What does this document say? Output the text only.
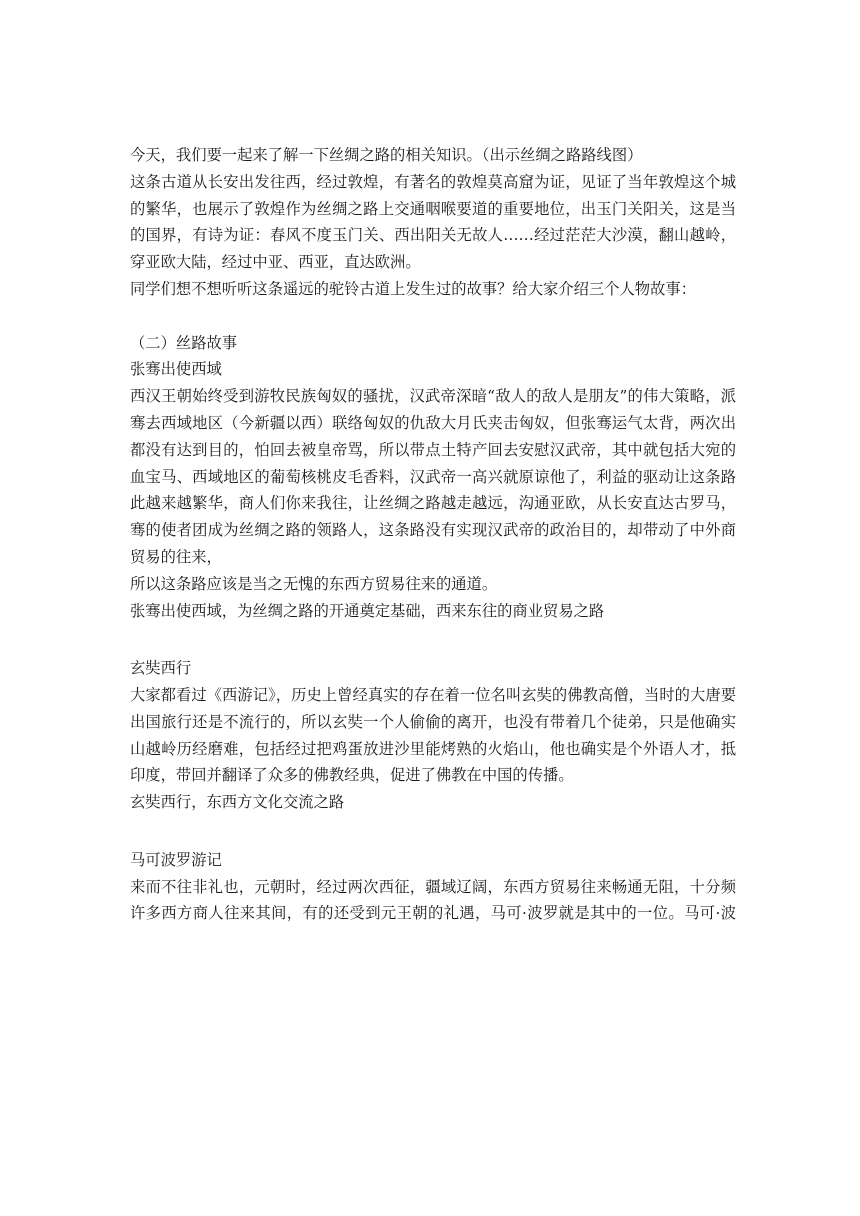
今天，我们要一起来了解一下丝绸之路的相关知识。（出示丝绸之路路线图）

这条古道从长安出发往西，经过敦煌，有著名的敦煌莫高窟为证，见证了当年敦煌这个城

的繁华，也展示了敦煌作为丝绸之路上交通咽喉要道的重要地位，出玉门关阳关，这是当

的国界，有诗为证：春风不度玉门关、西出阳关无故人……经过茫茫大沙漠，翻山越岭，

穿亚欧大陆，经过中亚、西亚，直达欧洲。

同学们想不想听听这条遥远的驼铃古道上发生过的故事？给大家介绍三个人物故事：

（二）丝路故事

张骞出使西域

西汉王朝始终受到游牧民族匈奴的骚扰，汉武帝深暗“敌人的敌人是朋友”的伟大策略，派

骞去西域地区（今新疆以西）联络匈奴的仇敌大月氏夹击匈奴，但张骞运气太背，两次出

都没有达到目的，怕回去被皇帝骂，所以带点土特产回去安慰汉武帝，其中就包括大宛的

血宝马、西域地区的葡萄核桃皮毛香料，汉武帝一高兴就原谅他了，利益的驱动让这条路

此越来越繁华，商人们你来我往，让丝绸之路越走越远，沟通亚欧，从长安直达古罗马，

骞的使者团成为丝绸之路的领路人，这条路没有实现汉武帝的政治目的，却带动了中外商

贸易的往来，

所以这条路应该是当之无愧的东西方贸易往来的通道。

张骞出使西域，为丝绸之路的开通奠定基础，西来东往的商业贸易之路

玄奘西行

大家都看过《西游记》，历史上曾经真实的存在着一位名叫玄奘的佛教高僧，当时的大唐要

出国旅行还是不流行的，所以玄奘一个人偷偷的离开，也没有带着几个徒弟，只是他确实

山越岭历经磨难，包括经过把鸡蛋放进沙里能烤熟的火焰山，他也确实是个外语人才，抵

印度，带回并翻译了众多的佛教经典，促进了佛教在中国的传播。

玄奘西行，东西方文化交流之路

马可波罗游记

来而不往非礼也，元朝时，经过两次西征，疆域辽阔，东西方贸易往来畅通无阻，十分频

许多西方商人往来其间，有的还受到元王朝的礼遇，马可·波罗就是其中的一位。马可·波
